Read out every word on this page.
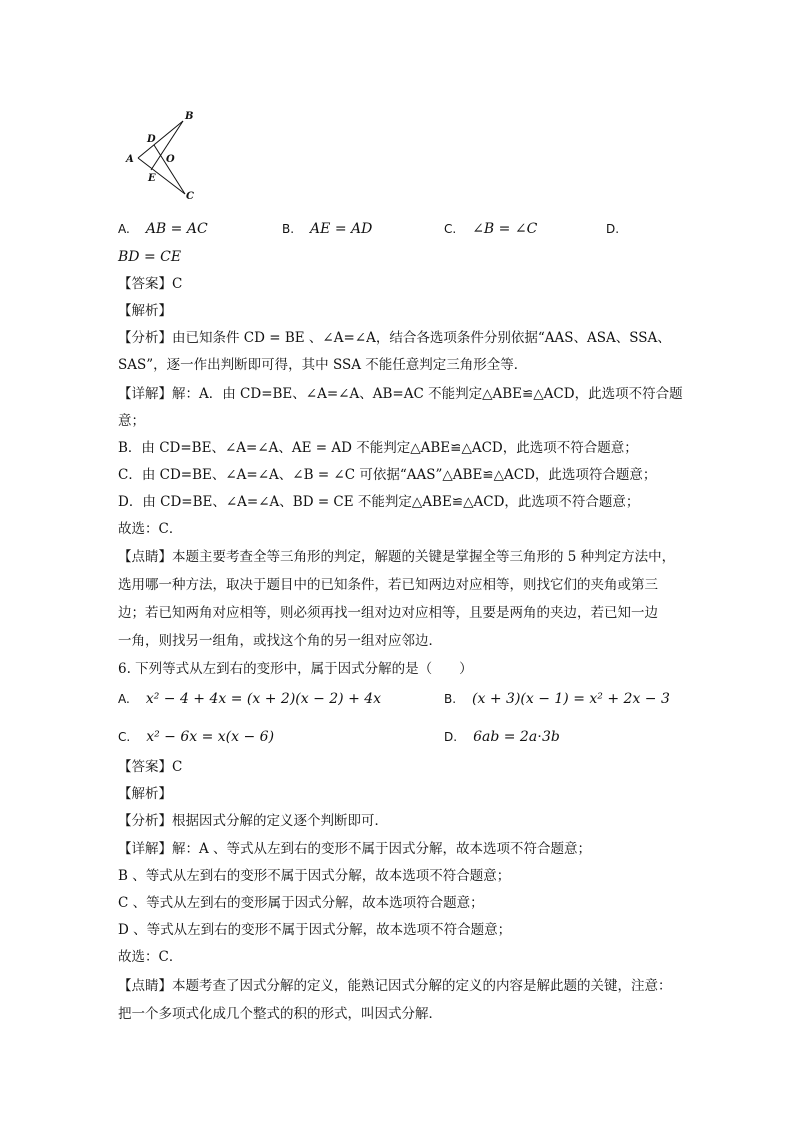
B
D
A	O
E
C
A. AB = AC	B. AE = AD	C. ∠B = ∠C	D.
BD = CE
【答案】C
【解析】
【分析】由已知条件 CD = BE 、∠A=∠A，结合各选项条件分别依据“AAS、ASA、SSA、
SAS”，逐一作出判断即可得，其中 SSA 不能任意判定三角形全等．
【详解】解：A．由 CD=BE、∠A=∠A、AB=AC 不能判定△ABE≌△ACD，此选项不符合题
意；
B．由 CD=BE、∠A=∠A、AE = AD 不能判定△ABE≌△ACD，此选项不符合题意；
C．由 CD=BE、∠A=∠A、∠B = ∠C 可依据“AAS”△ABE≌△ACD，此选项符合题意；
D．由 CD=BE、∠A=∠A、BD = CE 不能判定△ABE≌△ACD，此选项不符合题意；
故选：C．
【点睛】本题主要考查全等三角形的判定，解题的关键是掌握全等三角形的 5 种判定方法中，
选用哪一种方法，取决于题目中的已知条件，若已知两边对应相等，则找它们的夹角或第三
边；若已知两角对应相等，则必须再找一组对边对应相等，且要是两角的夹边，若已知一边
一角，则找另一组角，或找这个角的另一组对应邻边．
6. 下列等式从左到右的变形中，属于因式分解的是（　　）
A. x² − 4 + 4x = (x + 2)(x − 2) + 4x	B. (x + 3)(x − 1) = x² + 2x − 3
C. x² − 6x = x(x − 6)	D. 6ab = 2a⋅3b
【答案】C
【解析】
【分析】根据因式分解的定义逐个判断即可．
【详解】解：A 、等式从左到右的变形不属于因式分解，故本选项不符合题意；
B 、等式从左到右的变形不属于因式分解，故本选项不符合题意；
C 、等式从左到右的变形属于因式分解，故本选项符合题意；
D 、等式从左到右的变形不属于因式分解，故本选项不符合题意；
故选：C．
【点睛】本题考查了因式分解的定义，能熟记因式分解的定义的内容是解此题的关键，注意：
把一个多项式化成几个整式的积的形式，叫因式分解．
